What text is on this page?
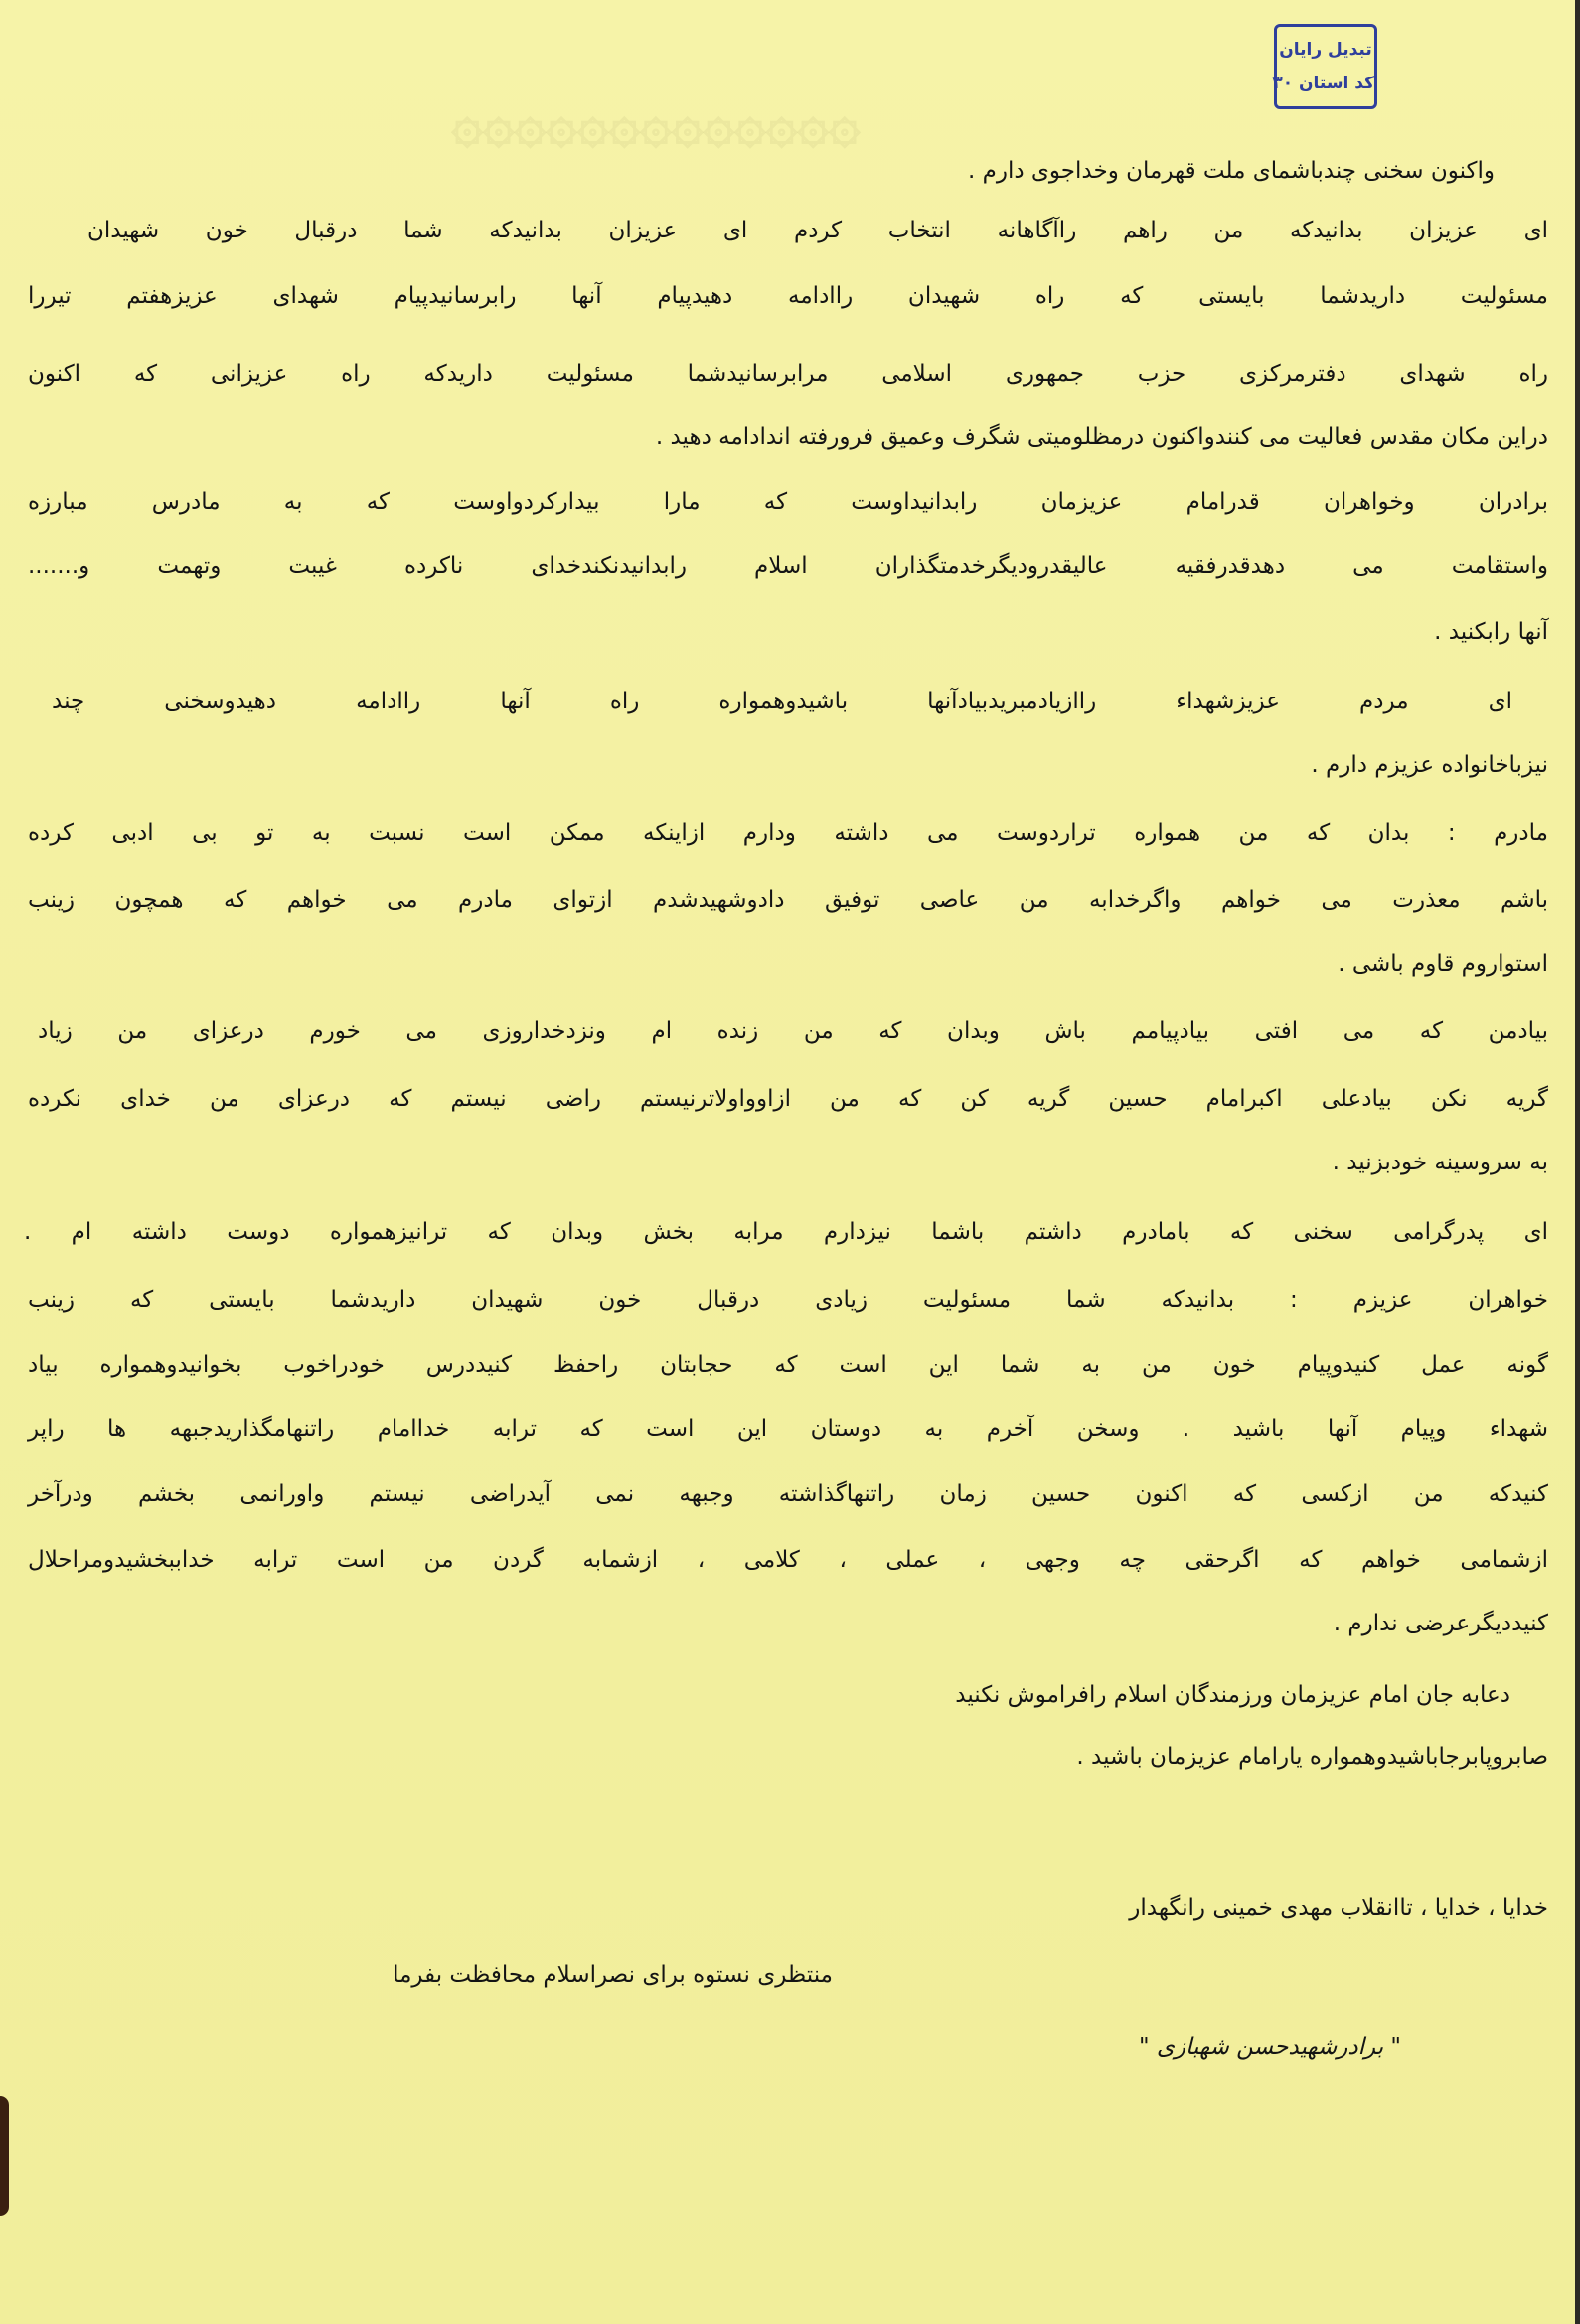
۞۞۞۞۞۞۞۞۞۞۞۞۞
تبدیل رایان
کد استان ۳۰
واکنون سخنی چندباشمای ملت قهرمان وخداجوی دارم .
ای عزیزان بدانیدکه من راهم راآگاهانه انتخاب کردم ای عزیزان بدانیدکه شما درقبال خون شهیدان
مسئولیت داریدشما بایستی که راه شهیدان راادامه دهیدپیام آنها رابرسانیدپیام شهدای عزیزهفتم تیررا
راه شهدای دفترمرکزی حزب جمهوری اسلامی مرابرسانیدشما مسئولیت داریدکه راه عزیزانی که اکنون
دراین مکان مقدس فعالیت می کنندواکنون درمظلومیتی شگرف وعمیق فرورفته اندادامه دهید .
برادران وخواهران قدرامام عزیزمان رابدانیداوست که مارا بیدارکردواوست که به مادرس مبارزه
واستقامت می دهدقدرفقیه عالیقدرودیگرخدمتگذاران اسلام رابدانیدنکندخدای ناکرده غیبت وتهمت و.......
آنها رابکنید .
ای مردم عزیزشهداء راازیادمبریدبیادآنها باشیدوهمواره راه آنها راادامه دهیدوسخنی چند
نیزباخانواده عزیزم دارم .
مادرم : بدان که من همواره تراردوست می داشته ودارم ازاینکه ممکن است نسبت به تو بی ادبی کرده
باشم معذرت می خواهم واگرخدابه من عاصی توفیق دادوشهیدشدم ازتوای مادرم می خواهم که همچون زینب
استواروم قاوم باشی .
بیادمن که می افتی بیادپیامم باش وبدان که من زنده ام ونزدخداروزی می خورم درعزای من زیاد
گریه نکن بیادعلی اکبرامام حسین گریه کن که من ازاوواولاترنیستم راضی نیستم که درعزای من خدای نکرده
به سروسینه خودبزنید .
ای پدرگرامی سخنی که بامادرم داشتم باشما نیزدارم مرابه بخش وبدان که ترانیزهمواره دوست داشته ام .
خواهران عزیزم : بدانیدکه شما مسئولیت زیادی درقبال خون شهیدان داریدشما بایستی که زینب
گونه عمل کنیدوپیام خون من به شما این است که حجابتان راحفظ کنیددرس خودراخوب بخوانیدوهمواره بیاد
شهداء وپیام آنها باشید . وسخن آخرم به دوستان این است که ترابه خداامام راتنهامگذاریدجبهه ها راپر
کنیدکه من ازکسی که اکنون حسین زمان راتنهاگذاشته وجبهه نمی آیدراضی نیستم واورانمی بخشم ودرآخر
ازشمامی خواهم که اگرحقی چه وجهی ، عملی ، کلامی ، ازشمابه گردن من است ترابه خداببخشیدومراحلال
کنیددیگرعرضی ندارم .
دعابه جان امام عزیزمان ورزمندگان اسلام رافراموش نکنید
صابروپابرجاباشیدوهمواره یارامام عزیزمان باشید .
خدایا ، خدایا ، تاانقلاب مهدی خمینی رانگهدار
منتظری نستوه برای نصراسلام محافظت بفرما
" برادرشهیدحسن شهبازی "
